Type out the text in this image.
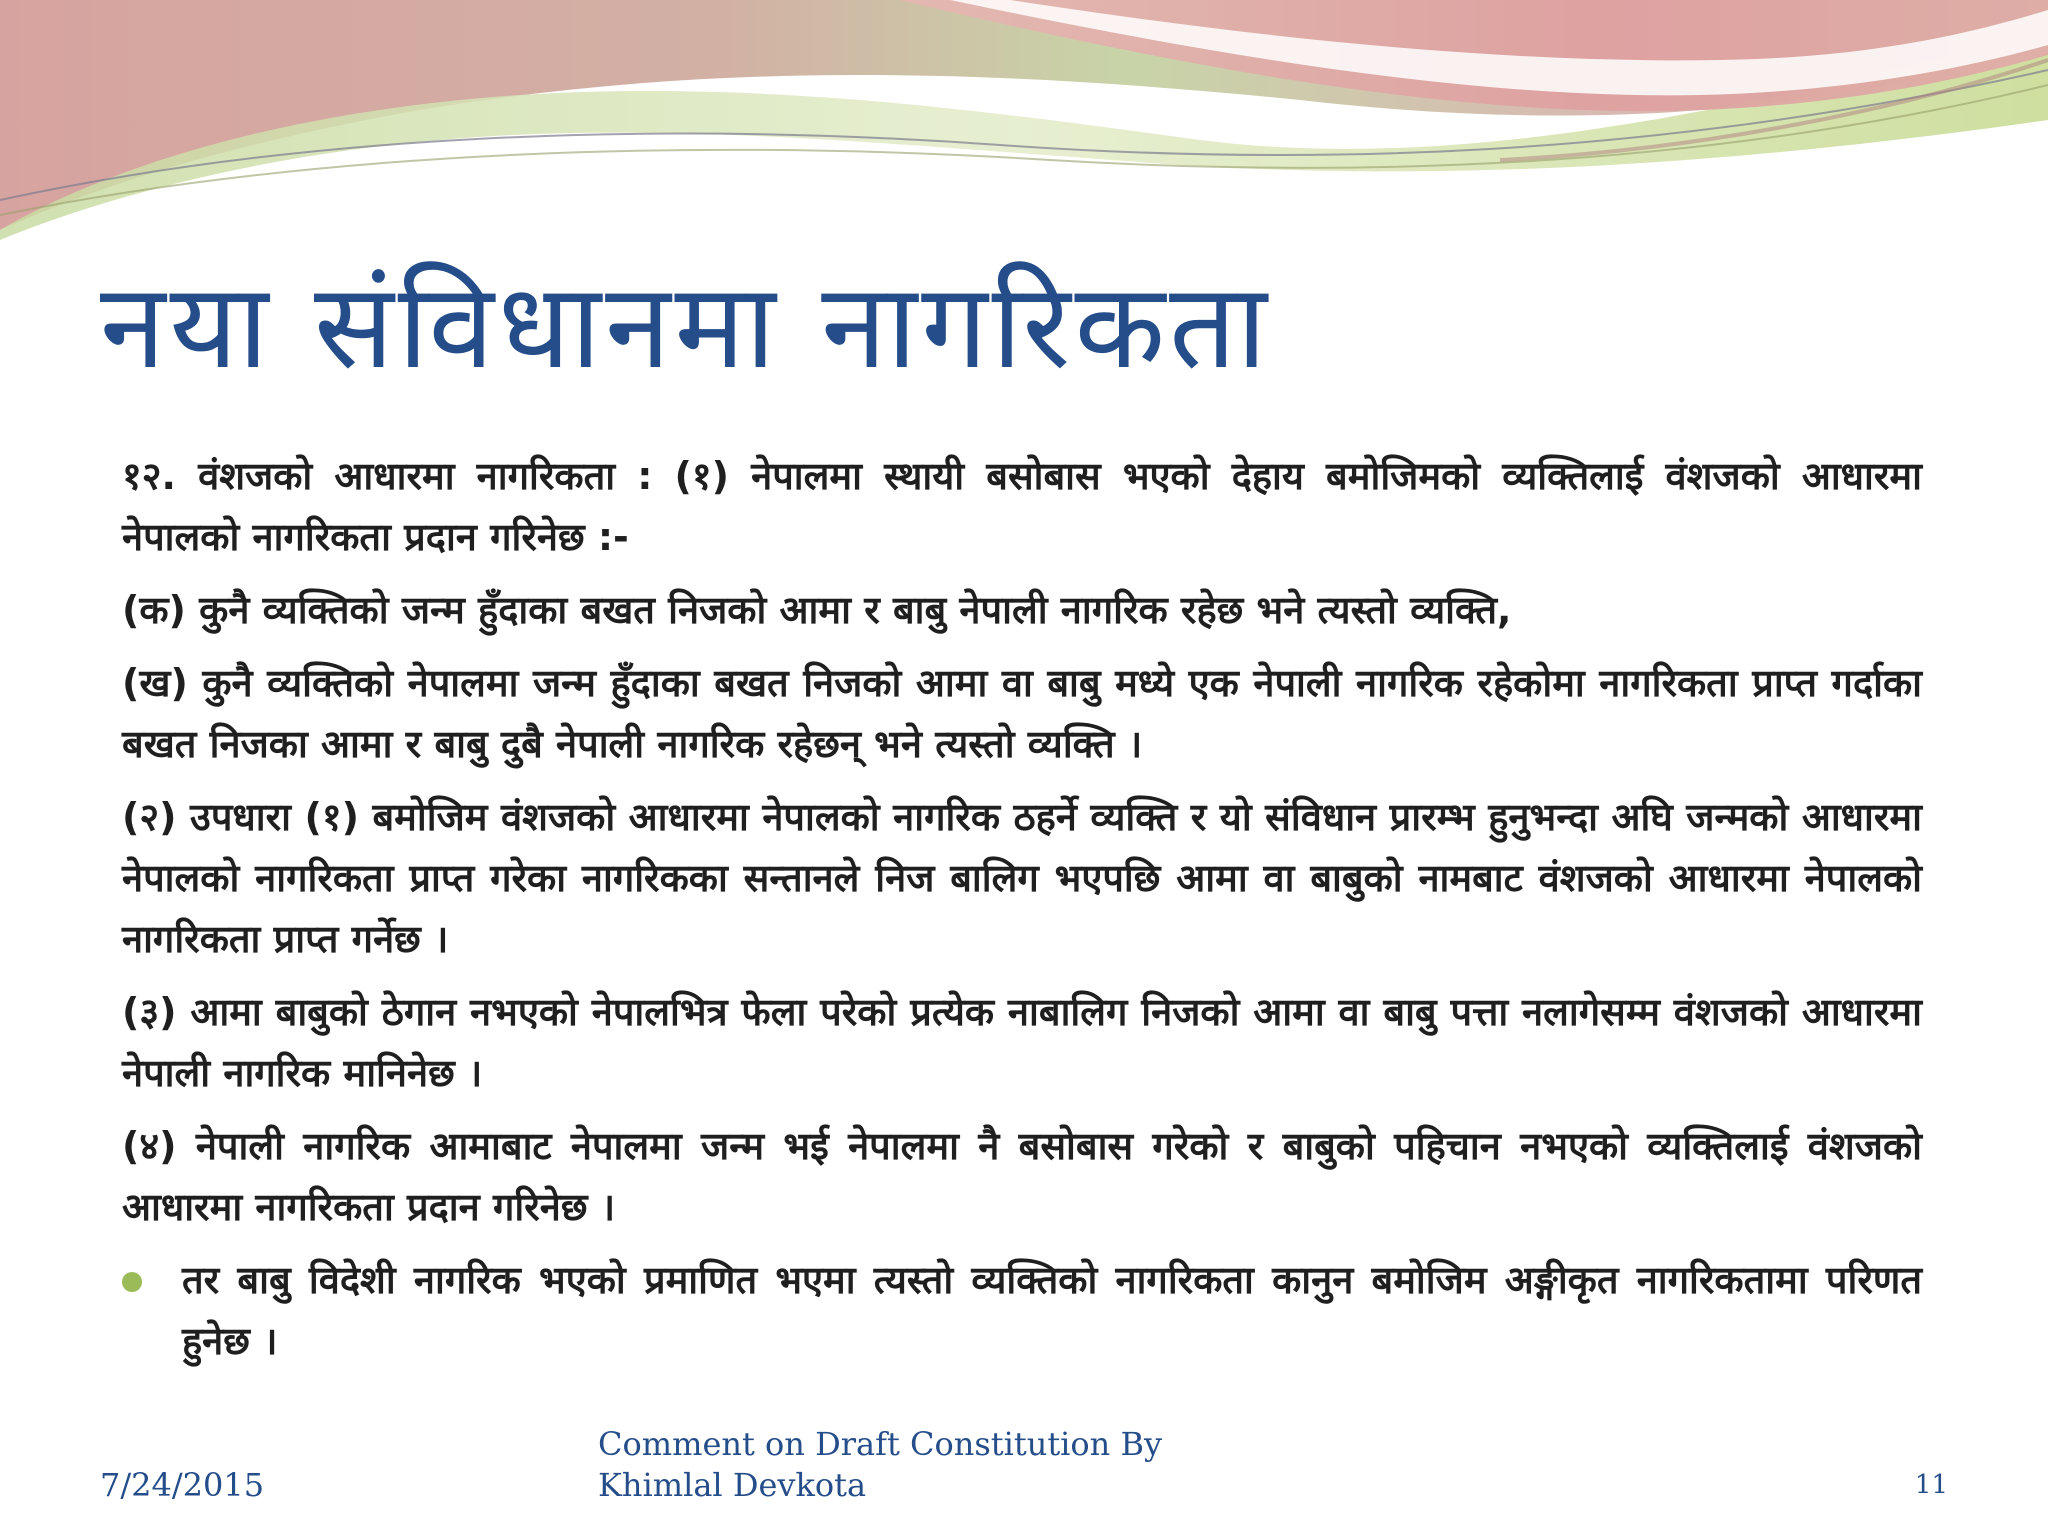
नया संविधानमा नागरिकता

१२. वंशजको आधारमा नागरिकता : (१) नेपालमा स्थायी बसोबास भएको देहाय बमोजिमको व्यक्तिलाई वंशजको आधारमा नेपालको नागरिकता प्रदान गरिनेछ :-

(क) कुनै व्यक्तिको जन्म हुँदाका बखत निजको आमा र बाबु नेपाली नागरिक रहेछ भने त्यस्तो व्यक्ति,

(ख) कुनै व्यक्तिको नेपालमा जन्म हुँदाका बखत निजको आमा वा बाबु मध्ये एक नेपाली नागरिक रहेकोमा नागरिकता प्राप्त गर्दाका बखत निजका आमा र बाबु दुबै नेपाली नागरिक रहेछन् भने त्यस्तो व्यक्ति ।

(२) उपधारा (१) बमोजिम वंशजको आधारमा नेपालको नागरिक ठहर्ने व्यक्ति र यो संविधान प्रारम्भ हुनुभन्दा अघि जन्मको आधारमा नेपालको नागरिकता प्राप्त गरेका नागरिकका सन्तानले निज बालिग भएपछि आमा वा बाबुको नामबाट वंशजको आधारमा नेपालको नागरिकता प्राप्त गर्नेछ ।

(३) आमा बाबुको ठेगान नभएको नेपालभित्र फेला परेको प्रत्येक नाबालिग निजको आमा वा बाबु पत्ता नलागेसम्म वंशजको आधारमा नेपाली नागरिक मानिनेछ ।

(४) नेपाली नागरिक आमाबाट नेपालमा जन्म भई नेपालमा नै बसोबास गरेको र बाबुको पहिचान नभएको व्यक्तिलाई वंशजको आधारमा नागरिकता प्रदान गरिनेछ ।

तर बाबु विदेशी नागरिक भएको प्रमाणित भएमा त्यस्तो व्यक्तिको नागरिकता कानुन बमोजिम अङ्गीकृत नागरिकतामा परिणत हुनेछ ।
7/24/2015
Comment on Draft Constitution By Khimlal Devkota	11
